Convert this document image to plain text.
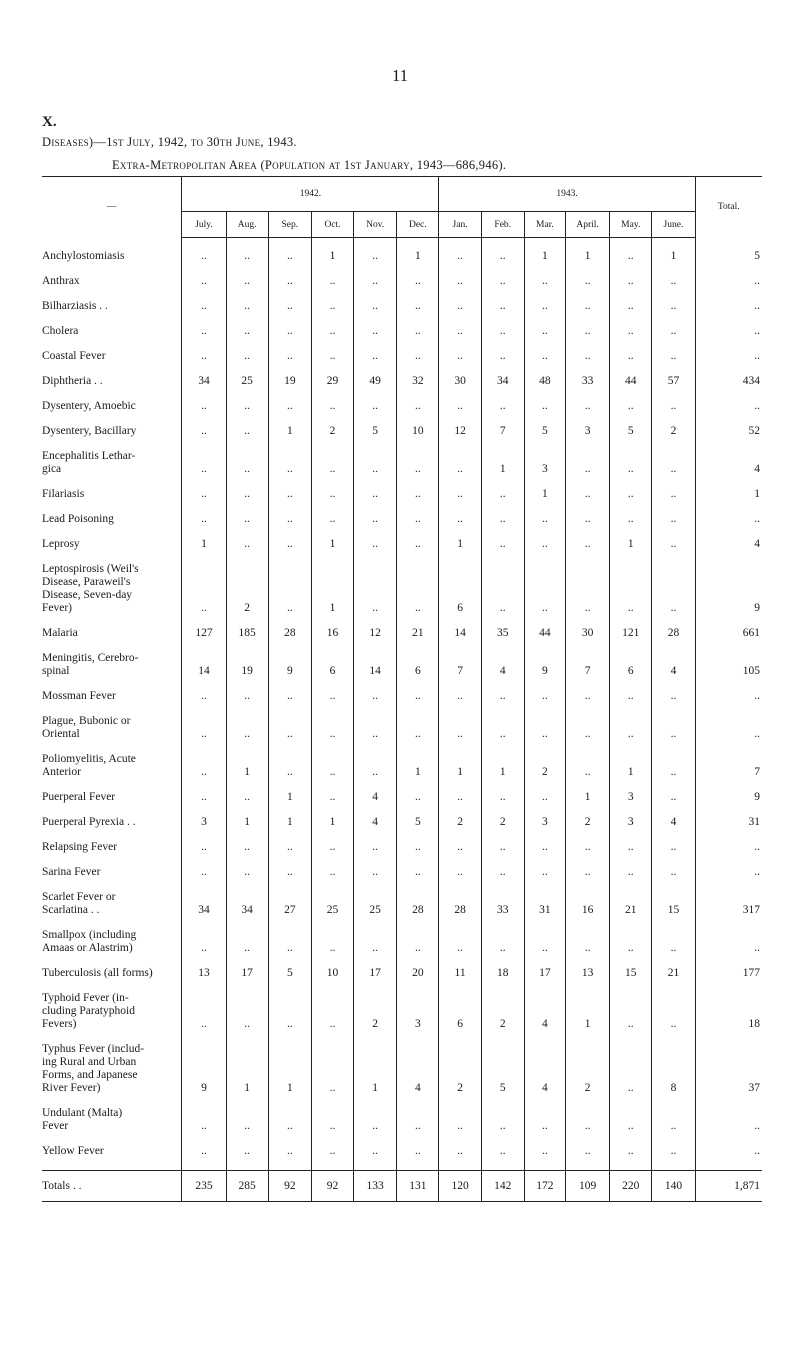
11
X.
Diseases)—1st July, 1942, to 30th June, 1943.
Extra-Metropolitan Area (Population at 1st January, 1943—686,946).
—	1942.						1943.						Total.
	July.	Aug.	Sep.	Oct.	Nov.	Dec.	Jan.	Feb.	Mar.	April.	May.	June.	
Anchylostomiasis	..	..	..	1	..	1	..	..	1	1	..	1	5
Anthrax	..	..	..	..	..	..	..	..	..	..	..	..	..
Bilharziasis . .	..	..	..	..	..	..	..	..	..	..	..	..	..
Cholera	..	..	..	..	..	..	..	..	..	..	..	..	..
Coastal Fever	..	..	..	..	..	..	..	..	..	..	..	..	..
Diphtheria . .	34	25	19	29	49	32	30	34	48	33	44	57	434
Dysentery, Amoebic	..	..	..	..	..	..	..	..	..	..	..	..	..
Dysentery, Bacillary	..	..	1	2	5	10	12	7	5	3	5	2	52
Encephalitis Lethar-
gica	..	..	..	..	..	..	..	1	3	..	..	..	4
Filariasis	..	..	..	..	..	..	..	..	1	..	..	..	1
Lead Poisoning	..	..	..	..	..	..	..	..	..	..	..	..	..
Leprosy	1	..	..	1	..	..	1	..	..	..	1	..	4
Leptospirosis (Weil's
Disease, Paraweil's
Disease, Seven-day
Fever)	..	2	..	1	..	..	6	..	..	..	..	..	9
Malaria	127	185	28	16	12	21	14	35	44	30	121	28	661
Meningitis, Cerebro-
spinal	14	19	9	6	14	6	7	4	9	7	6	4	105
Mossman Fever	..	..	..	..	..	..	..	..	..	..	..	..	..
Plague, Bubonic or
Oriental	..	..	..	..	..	..	..	..	..	..	..	..	..
Poliomyelitis, Acute
Anterior	..	1	..	..	..	1	1	1	2	..	1	..	7
Puerperal Fever	..	..	1	..	4	..	..	..	..	1	3	..	9
Puerperal Pyrexia . .	3	1	1	1	4	5	2	2	3	2	3	4	31
Relapsing Fever	..	..	..	..	..	..	..	..	..	..	..	..	..
Sarina Fever	..	..	..	..	..	..	..	..	..	..	..	..	..
Scarlet Fever or
Scarlatina . .	34	34	27	25	25	28	28	33	31	16	21	15	317
Smallpox (including
Amaas or Alastrim)	..	..	..	..	..	..	..	..	..	..	..	..	..
Tuberculosis (all forms)	13	17	5	10	17	20	11	18	17	13	15	21	177
Typhoid Fever (in-
cluding Paratyphoid
Fevers)	..	..	..	..	2	3	6	2	4	1	..	..	18
Typhus Fever (includ-
ing Rural and Urban
Forms, and Japanese
River Fever)	9	1	1	..	1	4	2	5	4	2	..	8	37
Undulant (Malta)
Fever	..	..	..	..	..	..	..	..	..	..	..	..	..
Yellow Fever	..	..	..	..	..	..	..	..	..	..	..	..	..

Totals . .	235	285	92	92	133	131	120	142	172	109	220	140	1,871
